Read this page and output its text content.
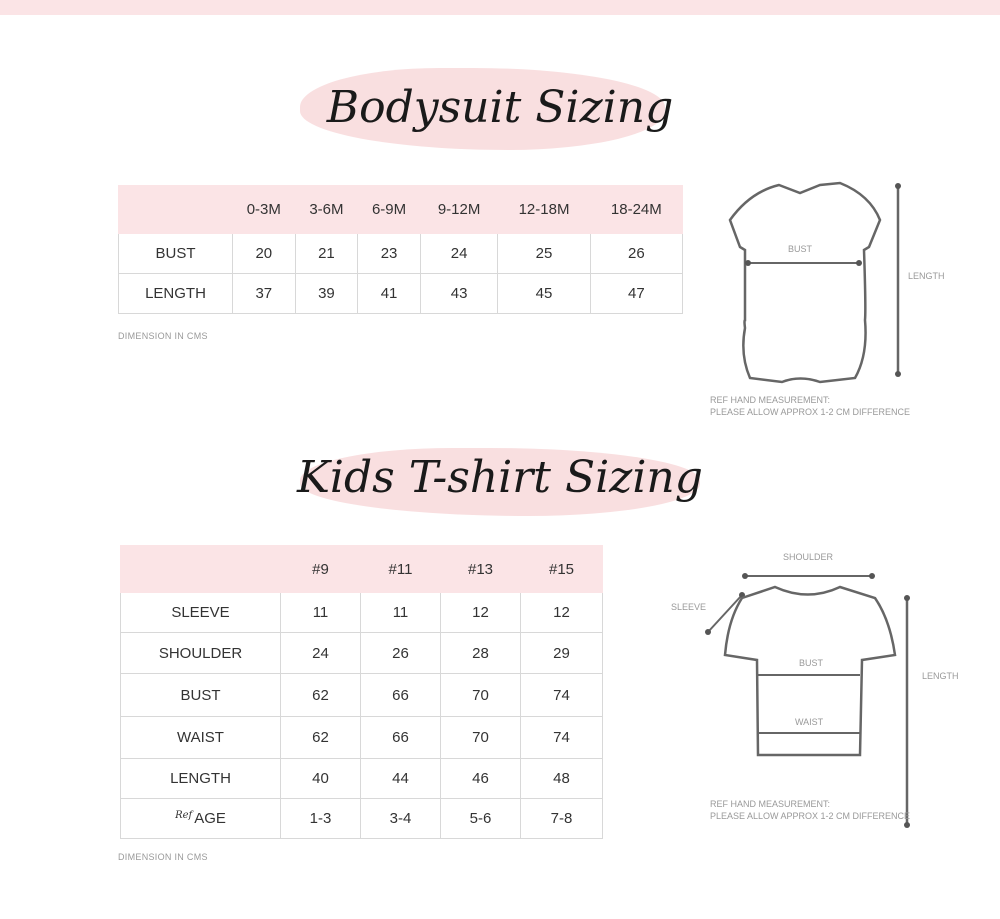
Bodysuit Sizing
	0-3M	3-6M	6-9M	9-12M	12-18M	18-24M
BUST	20	21	23	24	25	26
LENGTH	37	39	41	43	45	47
DIMENSION IN CMS
BUST
LENGTH
REF HAND MEASUREMENT:
PLEASE ALLOW APPROX 1-2 CM DIFFERENCE
Kids T-shirt Sizing
	#9	#11	#13	#15
SLEEVE	11	11	12	12
SHOULDER	24	26	28	29
BUST	62	66	70	74
WAIST	62	66	70	74
LENGTH	40	44	46	48
$^{Ref}$ AGE	1-3	3-4	5-6	7-8
DIMENSION IN CMS
SHOULDER
SLEEVE
BUST
WAIST
LENGTH
REF HAND MEASUREMENT:
PLEASE ALLOW APPROX 1-2 CM DIFFERENCE
